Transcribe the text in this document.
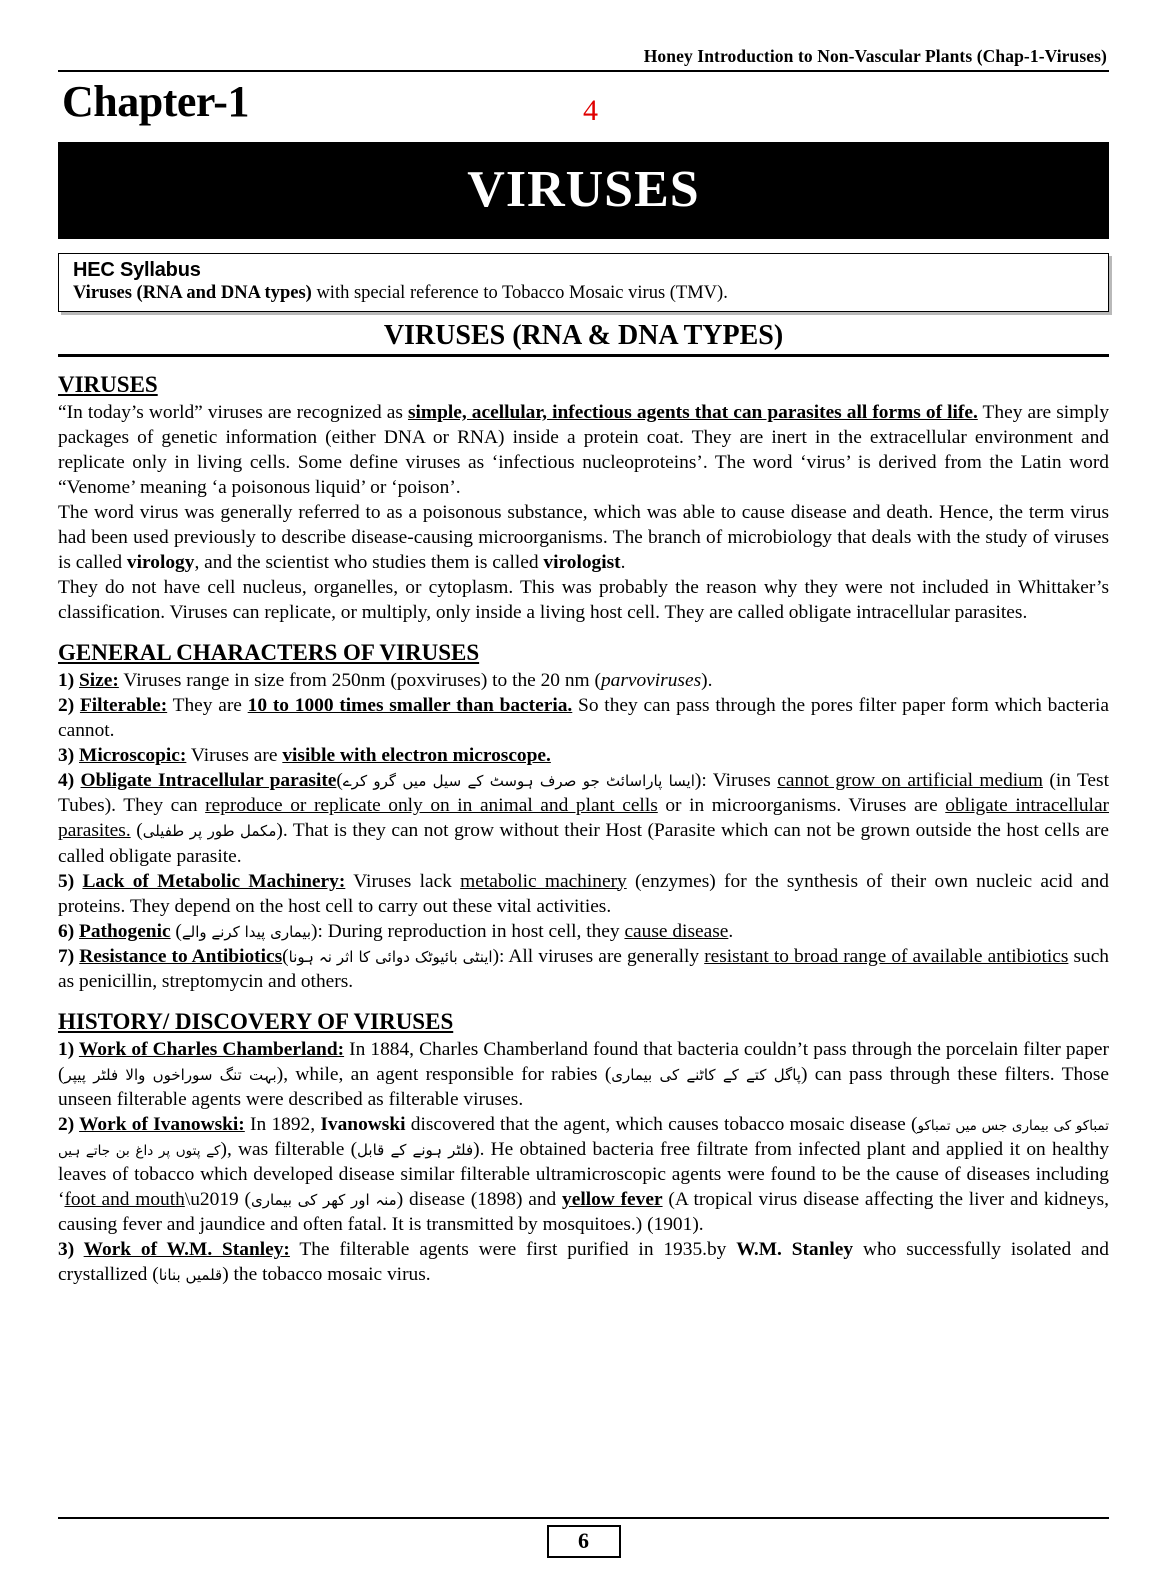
Honey Introduction to Non-Vascular Plants (Chap-1-Viruses)
Chapter-1	4
VIRUSES
HEC Syllabus
Viruses (RNA and DNA types) with special reference to Tobacco Mosaic virus (TMV).
VIRUSES (RNA & DNA TYPES)
VIRUSES

“In today’s world” viruses are recognized as simple, acellular, infectious agents that can parasites all forms of life. They are simply packages of genetic information (either DNA or RNA) inside a protein coat. They are inert in the extracellular environment and replicate only in living cells. Some define viruses as ‘infectious nucleoproteins’. The word ‘virus’ is derived from the Latin word “Venome’ meaning ‘a poisonous liquid’ or ‘poison’.

The word virus was generally referred to as a poisonous substance, which was able to cause disease and death. Hence, the term virus had been used previously to describe disease-causing microorganisms. The branch of microbiology that deals with the study of viruses is called virology, and the scientist who studies them is called virologist.

They do not have cell nucleus, organelles, or cytoplasm. This was probably the reason why they were not included in Whittaker’s classification. Viruses can replicate, or multiply, only inside a living host cell. They are called obligate intracellular parasites.

GENERAL CHARACTERS OF VIRUSES

1) Size: Viruses range in size from 250nm (poxviruses) to the 20 nm (parvoviruses).

2) Filterable: They are 10 to 1000 times smaller than bacteria. So they can pass through the pores filter paper form which bacteria cannot.

3) Microscopic: Viruses are visible with electron microscope.

4) Obligate Intracellular parasite(ایسا پاراسائٹ جو صرف ہوسٹ کے سیل میں گرو کرے): Viruses cannot grow on artificial medium (in Test Tubes). They can reproduce or replicate only on in animal and plant cells or in microorganisms. Viruses are obligate intracellular parasites. (مکمل طور پر طفیلی). That is they can not grow without their Host (Parasite which can not be grown outside the host cells are called obligate parasite.

5) Lack of Metabolic Machinery: Viruses lack metabolic machinery (enzymes) for the synthesis of their own nucleic acid and proteins. They depend on the host cell to carry out these vital activities.

6) Pathogenic (بیماری پیدا کرنے والے): During reproduction in host cell, they cause disease.

7) Resistance to Antibiotics(اینٹی بائیوٹک دوائی کا اثر نہ ہونا): All viruses are generally resistant to broad range of available antibiotics such as penicillin, streptomycin and others.

HISTORY/ DISCOVERY OF VIRUSES

1) Work of Charles Chamberland: In 1884, Charles Chamberland found that bacteria couldn’t pass through the porcelain filter paper (بہت تنگ سوراخوں والا فلٹر پیپر), while, an agent responsible for rabies (پاگل کتے کے کاٹنے کی بیماری) can pass through these filters. Those unseen filterable agents were described as filterable viruses.

2) Work of Ivanowski: In 1892, Ivanowski discovered that the agent, which causes tobacco mosaic disease (تمباکو کی بیماری جس میں تمباکو کے پتوں پر داغ بن جاتے ہیں), was filterable (فلٹر ہونے کے قابل). He obtained bacteria free filtrate from infected plant and applied it on healthy leaves of tobacco which developed disease similar filterable ultramicroscopic agents were found to be the cause of diseases including ‘foot and mouth\u2019 (منہ اور کھر کی بیماری) disease (1898) and yellow fever (A tropical virus disease affecting the liver and kidneys, causing fever and jaundice and often fatal. It is transmitted by mosquitoes.) (1901).

3) Work of W.M. Stanley: The filterable agents were first purified in 1935.by W.M. Stanley who successfully isolated and crystallized (قلمیں بنانا) the tobacco mosaic virus.

6
